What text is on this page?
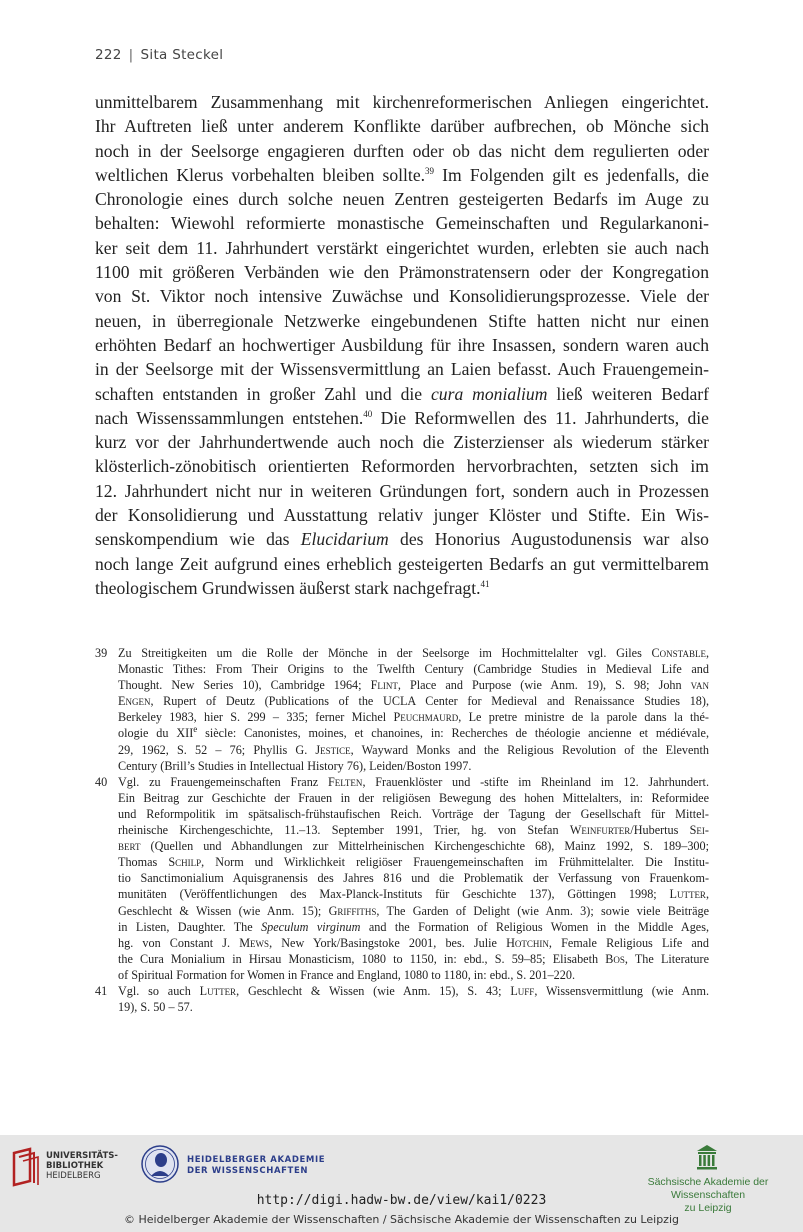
222 | Sita Steckel
unmittelbarem Zusammenhang mit kirchenreformerischen Anliegen eingerichtet.
Ihr Auftreten ließ unter anderem Konflikte darüber aufbrechen, ob Mönche sich
noch in der Seelsorge engagieren durften oder ob das nicht dem regulierten oder
weltlichen Klerus vorbehalten bleiben sollte.$^{39}$ Im Folgenden gilt es jedenfalls, die
Chronologie eines durch solche neuen Zentren gesteigerten Bedarfs im Auge zu
behalten: Wiewohl reformierte monastische Gemeinschaften und Regularkanoni-
ker seit dem 11. Jahrhundert verstärkt eingerichtet wurden, erlebten sie auch nach
1100 mit größeren Verbänden wie den Prämonstratensern oder der Kongregation
von St. Viktor noch intensive Zuwächse und Konsolidierungsprozesse. Viele der
neuen, in überregionale Netzwerke eingebundenen Stifte hatten nicht nur einen
erhöhten Bedarf an hochwertiger Ausbildung für ihre Insassen, sondern waren auch
in der Seelsorge mit der Wissensvermittlung an Laien befasst. Auch Frauengemein-
schaften entstanden in großer Zahl und die cura monialium ließ weiteren Bedarf
nach Wissenssammlungen entstehen.$^{40}$ Die Reformwellen des 11. Jahrhunderts, die
kurz vor der Jahrhundertwende auch noch die Zisterzienser als wiederum stärker
klösterlich-zönobitisch orientierten Reformorden hervorbrachten, setzten sich im
12. Jahrhundert nicht nur in weiteren Gründungen fort, sondern auch in Prozessen
der Konsolidierung und Ausstattung relativ junger Klöster und Stifte. Ein Wis-
senskompendium wie das Elucidarium des Honorius Augustodunensis war also
noch lange Zeit aufgrund eines erheblich gesteigerten Bedarfs an gut vermittelbarem
theologischem Grundwissen äußerst stark nachgefragt.$^{41}$
39 Zu Streitigkeiten um die Rolle der Mönche in der Seelsorge im Hochmittelalter vgl. Giles Constable,
Monastic Tithes: From Their Origins to the Twelfth Century (Cambridge Studies in Medieval Life and
Thought. New Series 10), Cambridge 1964; Flint, Place and Purpose (wie Anm. 19), S. 98; John van
Engen, Rupert of Deutz (Publications of the UCLA Center for Medieval and Renaissance Studies 18),
Berkeley 1983, hier S. 299 – 335; ferner Michel Peuchmaurd, Le pretre ministre de la parole dans la thé-
ologie du XIIe siècle: Canonistes, moines, et chanoines, in: Recherches de théologie ancienne et médiévale,
29, 1962, S. 52 – 76; Phyllis G. Jestice, Wayward Monks and the Religious Revolution of the Eleventh
Century (Brill’s Studies in Intellectual History 76), Leiden/Boston 1997.
40 Vgl. zu Frauengemeinschaften Franz Felten, Frauenklöster und -stifte im Rheinland im 12. Jahrhundert.
Ein Beitrag zur Geschichte der Frauen in der religiösen Bewegung des hohen Mittelalters, in: Reformidee
und Reformpolitik im spätsalisch-frühstaufischen Reich. Vorträge der Tagung der Gesellschaft für Mittel-
rheinische Kirchengeschichte, 11.–13. September 1991, Trier, hg. von Stefan Weinfurter/Hubertus Sei-
bert (Quellen und Abhandlungen zur Mittelrheinischen Kirchengeschichte 68), Mainz 1992, S. 189–300;
Thomas Schilp, Norm und Wirklichkeit religiöser Frauengemeinschaften im Frühmittelalter. Die Institu-
tio Sanctimonialium Aquisgranensis des Jahres 816 und die Problematik der Verfassung von Frauenkom-
munitäten (Veröffentlichungen des Max-Planck-Instituts für Geschichte 137), Göttingen 1998; Lutter,
Geschlecht & Wissen (wie Anm. 15); Griffiths, The Garden of Delight (wie Anm. 3); sowie viele Beiträge
in Listen, Daughter. The Speculum virginum and the Formation of Religious Women in the Middle Ages,
hg. von Constant J. Mews, New York/Basingstoke 2001, bes. Julie Hotchin, Female Religious Life and
the Cura Monialium in Hirsau Monasticism, 1080 to 1150, in: ebd., S. 59–85; Elisabeth Bos, The Literature
of Spiritual Formation for Women in France and England, 1080 to 1180, in: ebd., S. 201–220.
41 Vgl. so auch Lutter, Geschlecht & Wissen (wie Anm. 15), S. 43; Luff, Wissensvermittlung (wie Anm.
19), S. 50 – 57.
UNIVERSITÄTS-
BIBLIOTHEK
HEIDELBERG
HEIDELBERGER AKADEMIE
DER WISSENSCHAFTEN
Sächsische Akademie der Wissenschaften
zu Leipzig
http://digi.hadw-bw.de/view/kai1/0223
© Heidelberger Akademie der Wissenschaften / Sächsische Akademie der Wissenschaften zu Leipzig
